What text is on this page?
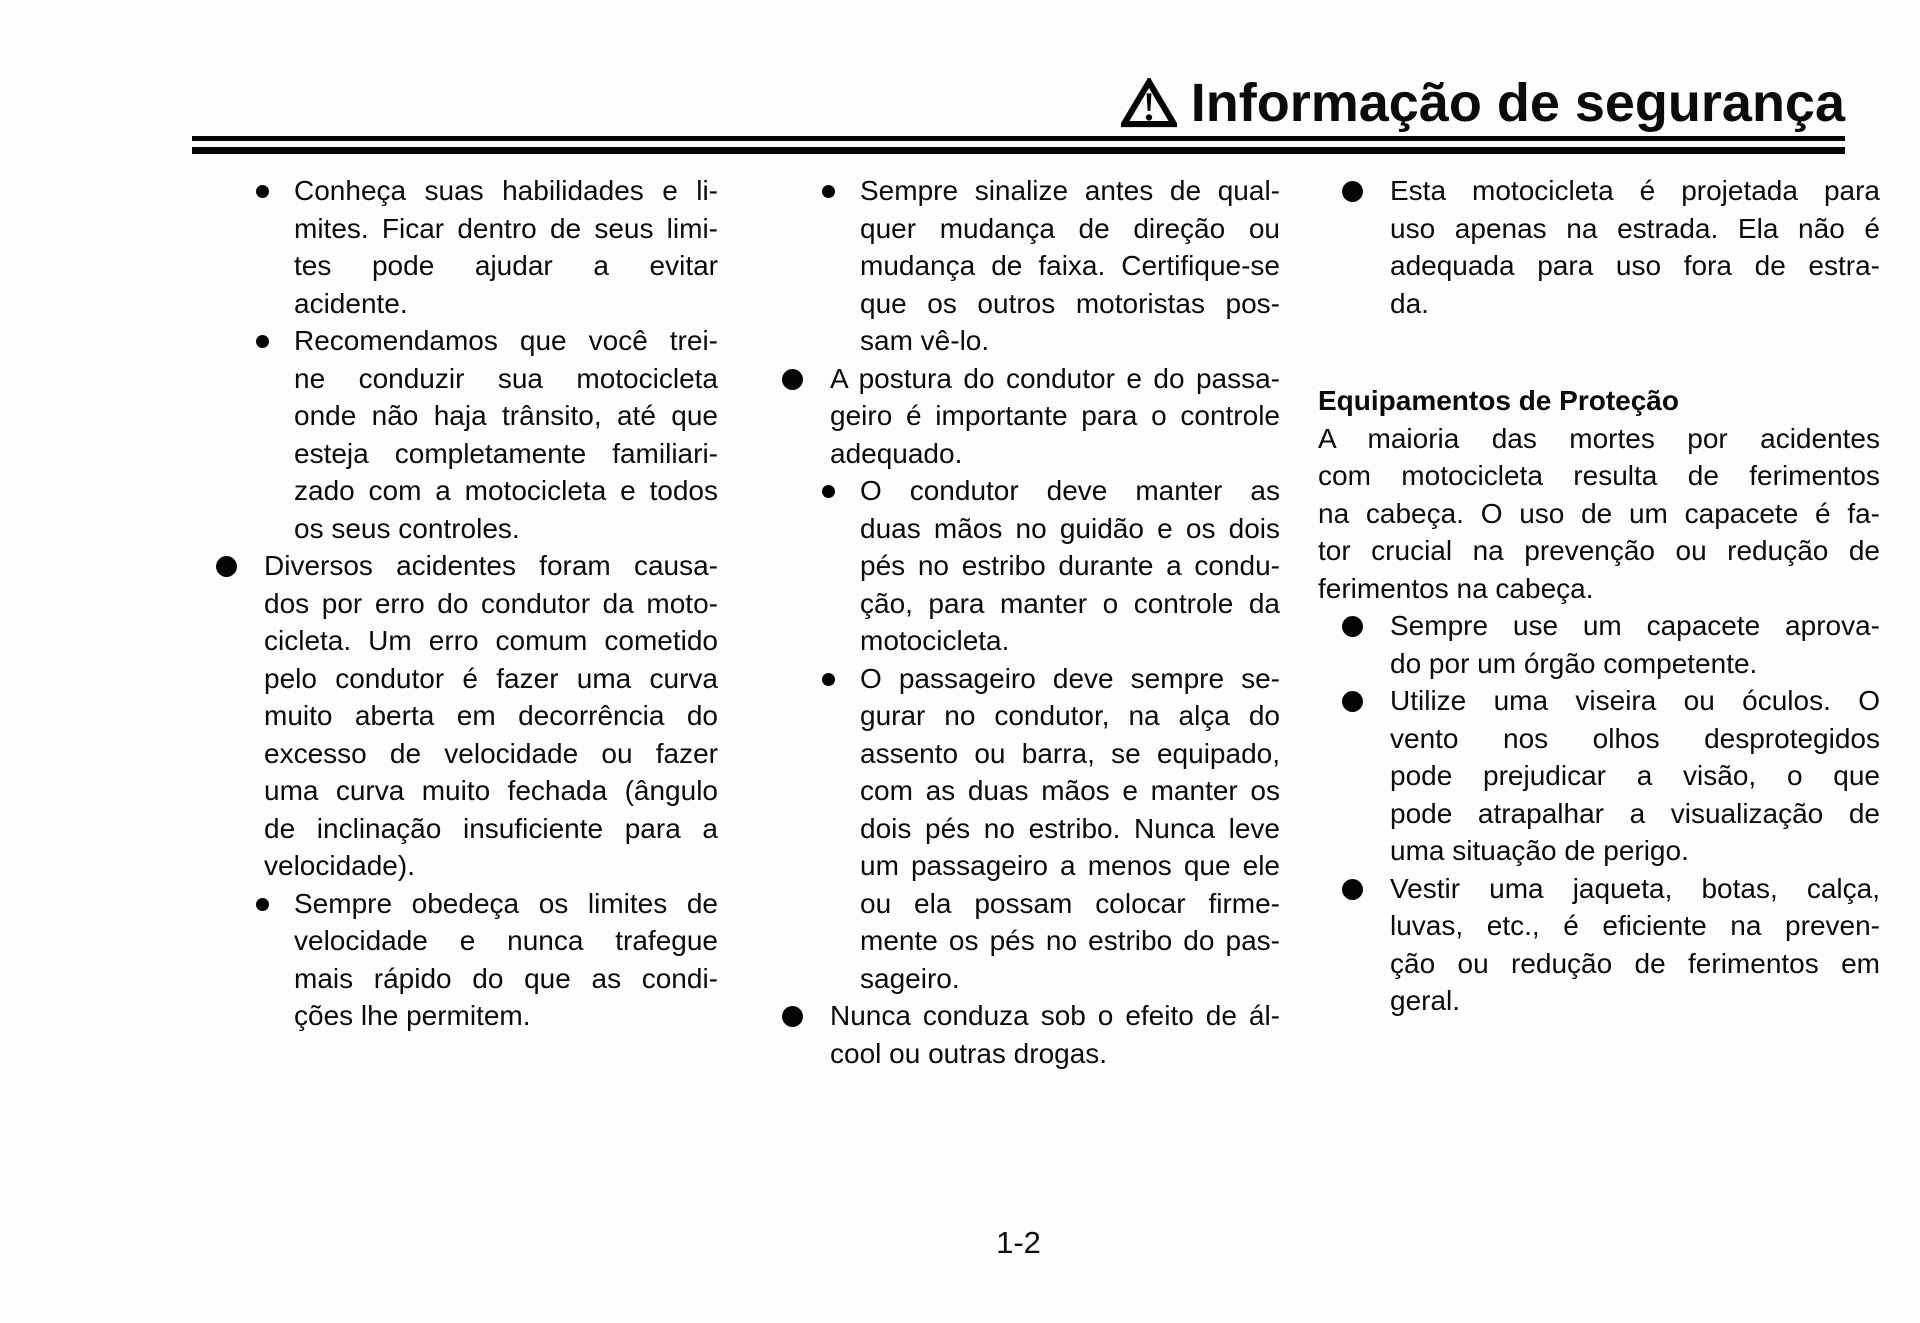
Informação de segurança
Conheça suas habilidades e li-
mites. Ficar dentro de seus limi-
tes pode ajudar a evitar
acidente.
Recomendamos que você trei-
ne conduzir sua motocicleta
onde não haja trânsito, até que
esteja completamente familiari-
zado com a motocicleta e todos
os seus controles.
Diversos acidentes foram causa-
dos por erro do condutor da moto-
cicleta. Um erro comum cometido
pelo condutor é fazer uma curva
muito aberta em decorrência do
excesso de velocidade ou fazer
uma curva muito fechada (ângulo
de inclinação insuficiente para a
velocidade).
Sempre obedeça os limites de
velocidade e nunca trafegue
mais rápido do que as condi-
ções lhe permitem.
Sempre sinalize antes de qual-
quer mudança de direção ou
mudança de faixa. Certifique-se
que os outros motoristas pos-
sam vê-lo.
A postura do condutor e do passa-
geiro é importante para o controle
adequado.
O condutor deve manter as
duas mãos no guidão e os dois
pés no estribo durante a condu-
ção, para manter o controle da
motocicleta.
O passageiro deve sempre se-
gurar no condutor, na alça do
assento ou barra, se equipado,
com as duas mãos e manter os
dois pés no estribo. Nunca leve
um passageiro a menos que ele
ou ela possam colocar firme-
mente os pés no estribo do pas-
sageiro.
Nunca conduza sob o efeito de ál-
cool ou outras drogas.
Esta motocicleta é projetada para
uso apenas na estrada. Ela não é
adequada para uso fora de estra-
da.
Equipamentos de Proteção
A maioria das mortes por acidentes
com motocicleta resulta de ferimentos
na cabeça. O uso de um capacete é fa-
tor crucial na prevenção ou redução de
ferimentos na cabeça.
Sempre use um capacete aprova-
do por um órgão competente.
Utilize uma viseira ou óculos. O
vento nos olhos desprotegidos
pode prejudicar a visão, o que
pode atrapalhar a visualização de
uma situação de perigo.
Vestir uma jaqueta, botas, calça,
luvas, etc., é eficiente na preven-
ção ou redução de ferimentos em
geral.
1-2
